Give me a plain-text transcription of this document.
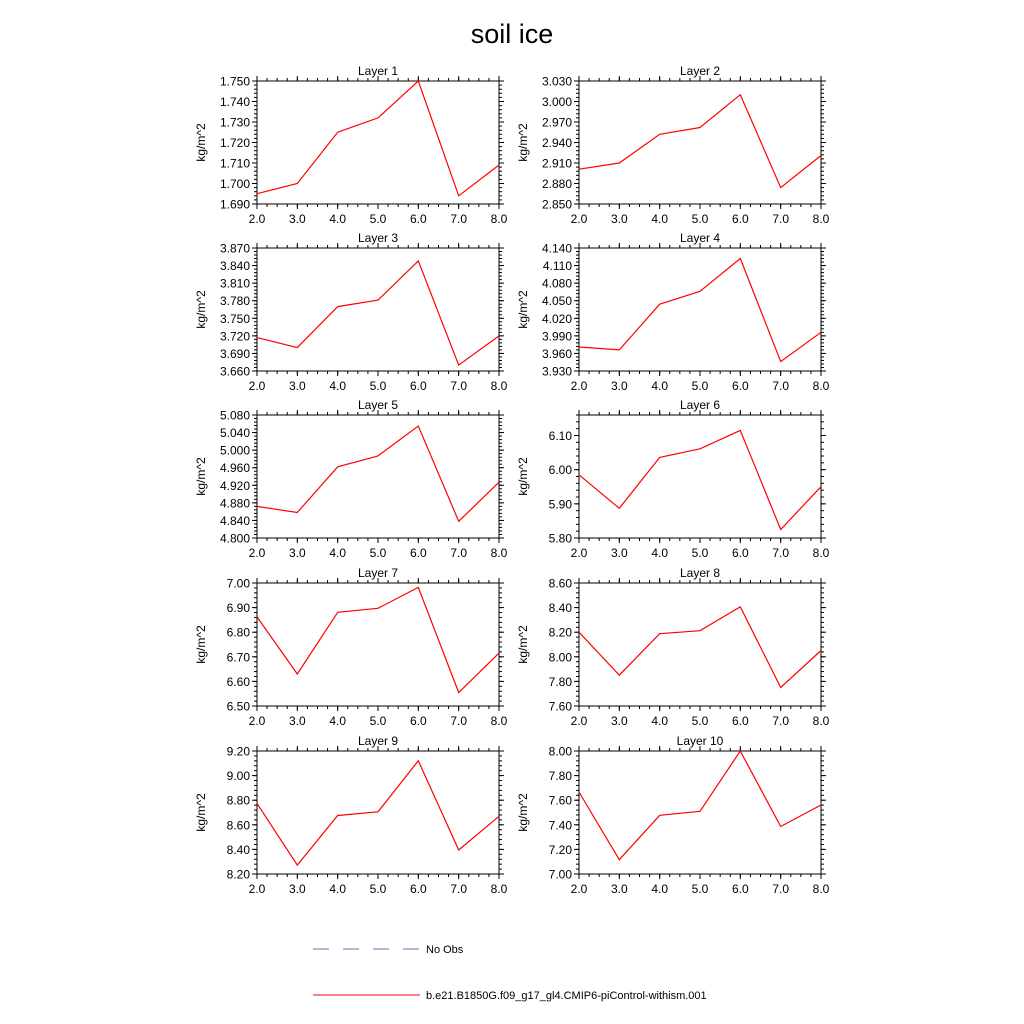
soil ice
Layer 1
1.690
1.700
1.710
1.720
1.730
1.740
1.750
2.0 3.0 4.0 5.0 6.0 7.0 8.0
kg/m^2
Layer 2
2.850
2.880
2.910
2.940
2.970
3.000
3.030
2.0 3.0 4.0 5.0 6.0 7.0 8.0
kg/m^2
Layer 3
3.660
3.690
3.720
3.750
3.780
3.810
3.840
3.870
2.0 3.0 4.0 5.0 6.0 7.0 8.0
kg/m^2
Layer 4
3.930
3.960
3.990
4.020
4.050
4.080
4.110
4.140
2.0 3.0 4.0 5.0 6.0 7.0 8.0
kg/m^2
Layer 5
4.800
4.840
4.880
4.920
4.960
5.000
5.040
5.080
2.0 3.0 4.0 5.0 6.0 7.0 8.0
kg/m^2
Layer 6
5.80
5.90
6.00
6.10
2.0 3.0 4.0 5.0 6.0 7.0 8.0
kg/m^2
Layer 7
6.50
6.60
6.70
6.80
6.90
7.00
2.0 3.0 4.0 5.0 6.0 7.0 8.0
kg/m^2
Layer 8
7.60
7.80
8.00
8.20
8.40
8.60
2.0 3.0 4.0 5.0 6.0 7.0 8.0
kg/m^2
Layer 9
8.20
8.40
8.60
8.80
9.00
9.20
2.0 3.0 4.0 5.0 6.0 7.0 8.0
kg/m^2
Layer 10
7.00
7.20
7.40
7.60
7.80
8.00
2.0 3.0 4.0 5.0 6.0 7.0 8.0
kg/m^2
No Obs
b.e21.B1850G.f09_g17_gl4.CMIP6-piControl-withism.001
